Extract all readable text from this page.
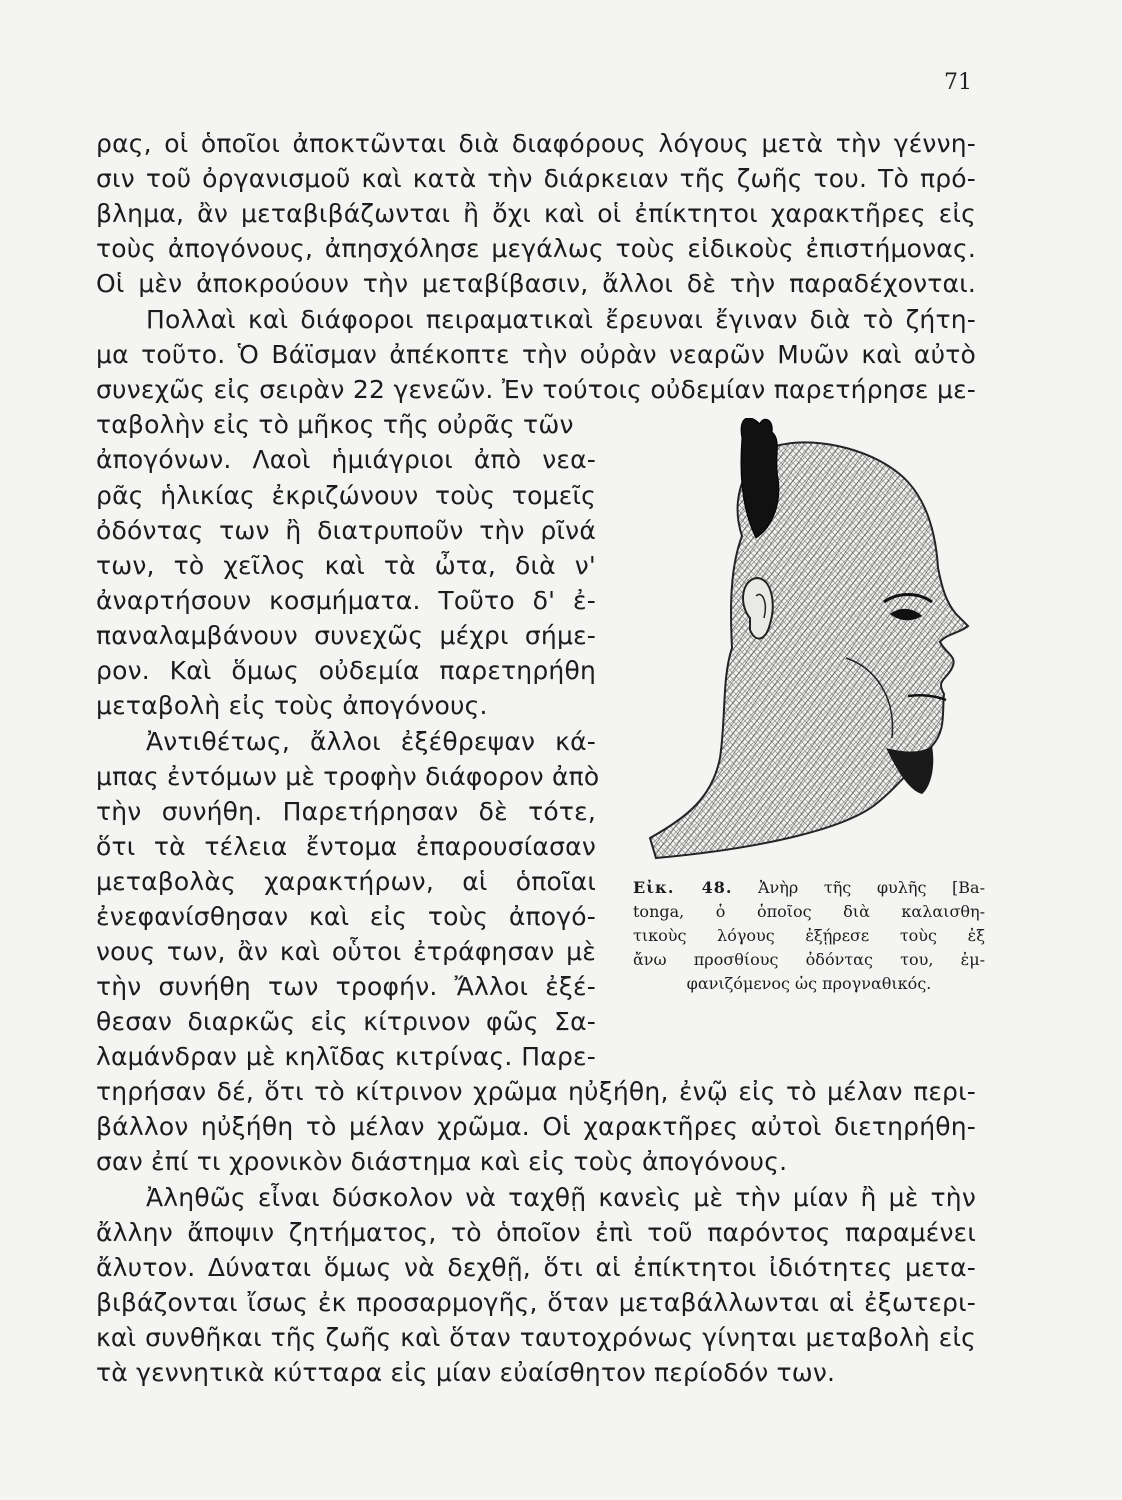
71
ρας, οἱ ὁποῖοι ἀποκτῶνται διὰ διαφόρους λόγους μετὰ τὴν γέννη-
σιν τοῦ ὀργανισμοῦ καὶ κατὰ τὴν διάρκειαν τῆς ζωῆς του. Τὸ πρό-
βλημα, ἂν μεταβιβάζωνται ἢ ὄχι καὶ οἱ ἐπίκτητοι χαρακτῆρες εἰς
τοὺς ἀπογόνους, ἀπησχόλησε μεγάλως τοὺς εἰδικοὺς ἐπιστήμονας.
Οἱ μὲν ἀποκρούουν τὴν μεταβίβασιν, ἄλλοι δὲ τὴν παραδέχονται.
Πολλαὶ καὶ διάφοροι πειραματικαὶ ἔρευναι ἔγιναν διὰ τὸ ζήτη-
μα τοῦτο. Ὁ Βάϊσμαν ἀπέκοπτε τὴν οὐρὰν νεαρῶν Μυῶν καὶ αὐτὸ
συνεχῶς εἰς σειρὰν 22 γενεῶν. Ἐν τούτοις οὐδεμίαν παρετήρησε με-
ταβολὴν εἰς τὸ μῆκος τῆς οὐρᾶς τῶν
ἀπογόνων. Λαοὶ ἡμιάγριοι ἀπὸ νεα-
ρᾶς ἡλικίας ἐκριζώνουν τοὺς τομεῖς
ὀδόντας των ἢ διατρυποῦν τὴν ρῖνά
των, τὸ χεῖλος καὶ τὰ ὦτα, διὰ ν'
ἀναρτήσουν κοσμήματα. Τοῦτο δ' ἐ-
παναλαμβάνουν συνεχῶς μέχρι σήμε-
ρον. Καὶ ὅμως οὐδεμία παρετηρήθη
μεταβολὴ εἰς τοὺς ἀπογόνους.
Ἀντιθέτως, ἄλλοι ἐξέθρεψαν κά-
μπας ἐντόμων μὲ τροφὴν διάφορον ἀπὸ
τὴν συνήθη. Παρετήρησαν δὲ τότε,
ὅτι τὰ τέλεια ἔντομα ἐπαρουσίασαν
μεταβολὰς χαρακτήρων, αἱ ὁποῖαι
ἐνεφανίσθησαν καὶ εἰς τοὺς ἀπογό-
νους των, ἂν καὶ οὗτοι ἐτράφησαν μὲ
τὴν συνήθη των τροφήν. Ἄλλοι ἐξέ-
θεσαν διαρκῶς εἰς κίτρινον φῶς Σα-
λαμάνδραν μὲ κηλῖδας κιτρίνας. Παρε-
τηρήσαν δέ, ὅτι τὸ κίτρινον χρῶμα ηὐξήθη, ἐνῷ εἰς τὸ μέλαν περι-
βάλλον ηὐξήθη τὸ μέλαν χρῶμα. Οἱ χαρακτῆρες αὐτοὶ διετηρήθη-
σαν ἐπί τι χρονικὸν διάστημα καὶ εἰς τοὺς ἀπογόνους.
Ἀληθῶς εἶναι δύσκολον νὰ ταχθῇ κανεὶς μὲ τὴν μίαν ἢ μὲ τὴν
ἄλλην ἄποψιν ζητήματος, τὸ ὁποῖον ἐπὶ τοῦ παρόντος παραμένει
ἄλυτον. Δύναται ὅμως νὰ δεχθῇ, ὅτι αἱ ἐπίκτητοι ἰδιότητες μετα-
βιβάζονται ἴσως ἐκ προσαρμογῆς, ὅταν μεταβάλλωνται αἱ ἐξωτερι-
καὶ συνθῆκαι τῆς ζωῆς καὶ ὅταν ταυτοχρόνως γίνηται μεταβολὴ εἰς
τὰ γεννητικὰ κύτταρα εἰς μίαν εὐαίσθητον περίοδόν των.
Εἰκ. 48. Ἀνὴρ τῆς φυλῆς [Ba-
tonga, ὁ ὁποῖος διὰ καλαισθη-
τικοὺς λόγους ἐξῄρεσε τοὺς ἐξ
ἄνω προσθίους ὀδόντας του, ἐμ-
φανιζόμενος ὡς προγναθικός.
